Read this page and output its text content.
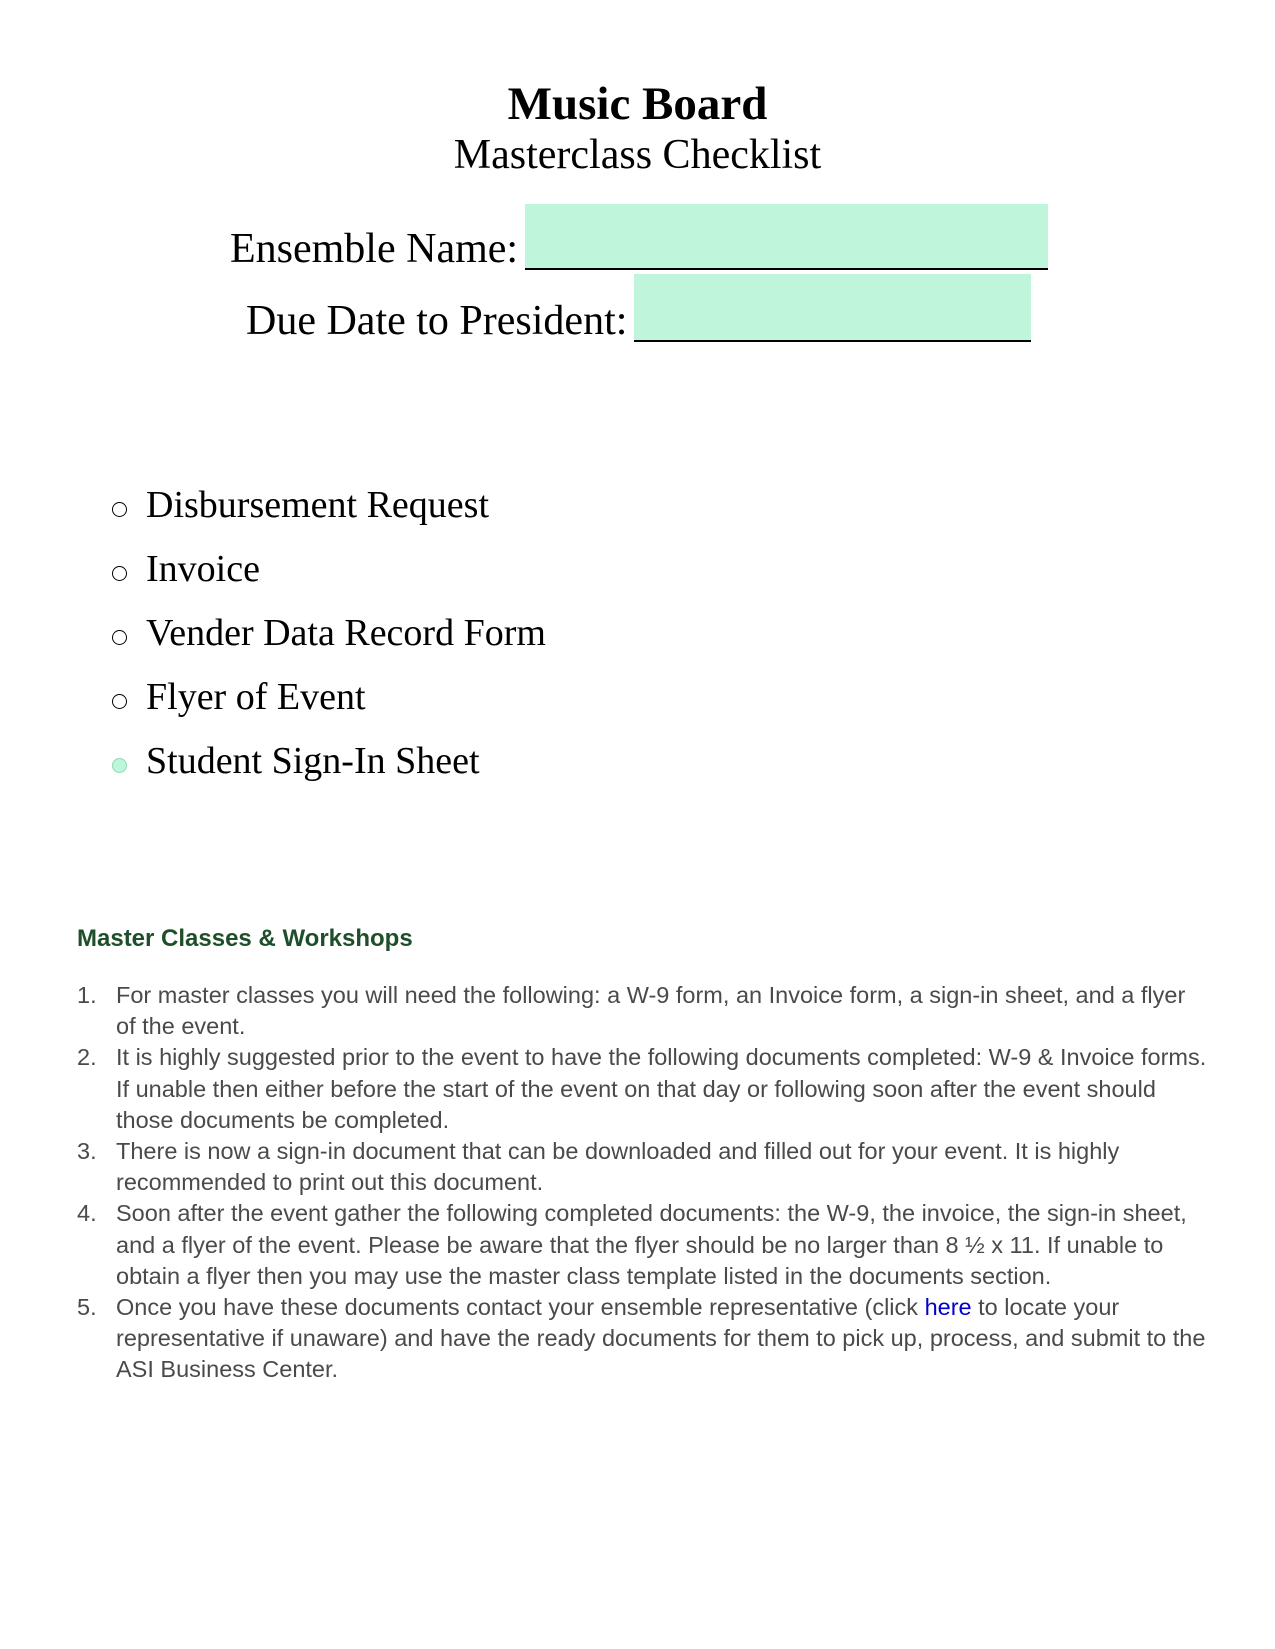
Music Board
Masterclass Checklist
Ensemble Name:
Due Date to President:
Disbursement Request
Invoice
Vender Data Record Form
Flyer of Event
Student Sign-In Sheet
Master Classes & Workshops
1. For master classes you will need the following: a W-9 form, an Invoice form, a sign-in sheet, and a flyer of the event.
2. It is highly suggested prior to the event to have the following documents completed: W-9 & Invoice forms. If unable then either before the start of the event on that day or following soon after the event should those documents be completed.
3. There is now a sign-in document that can be downloaded and filled out for your event. It is highly recommended to print out this document.
4. Soon after the event gather the following completed documents: the W-9, the invoice, the sign-in sheet, and a flyer of the event. Please be aware that the flyer should be no larger than 8 ½ x 11. If unable to obtain a flyer then you may use the master class template listed in the documents section.
5. Once you have these documents contact your ensemble representative (click here to locate your representative if unaware) and have the ready documents for them to pick up, process, and submit to the ASI Business Center.
